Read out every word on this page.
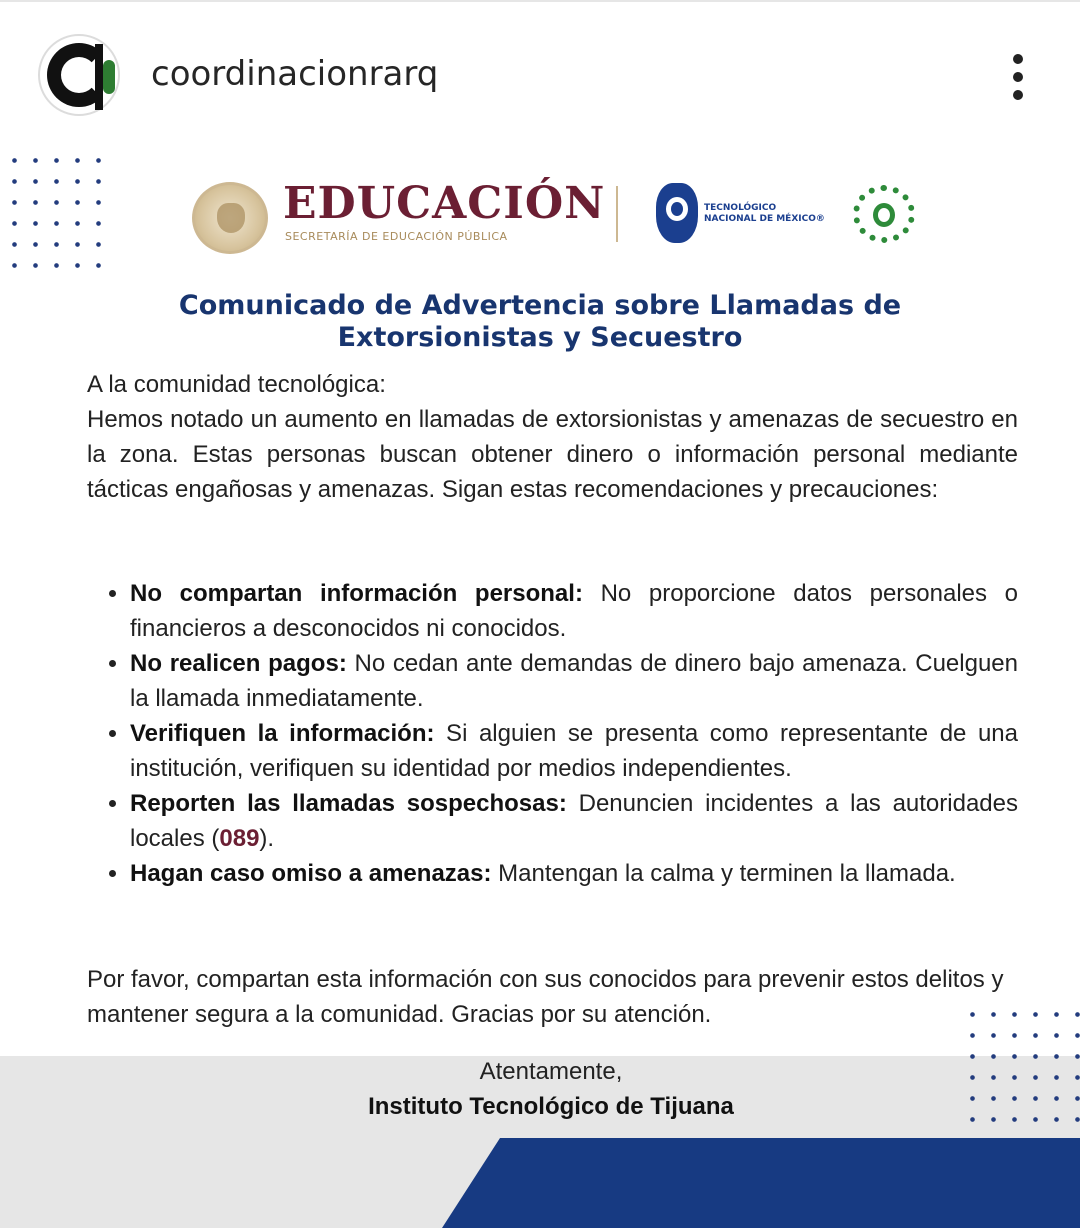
coordinacionrarq
EDUCACIÓN
SECRETARÍA DE EDUCACIÓN PÚBLICA
TECNOLÓGICO
NACIONAL DE MÉXICO®
Comunicado de Advertencia sobre Llamadas de Extorsionistas y Secuestro
A la comunidad tecnológica:
Hemos notado un aumento en llamadas de extorsionistas y amenazas de secuestro en la zona. Estas personas buscan obtener dinero o información personal mediante tácticas engañosas y amenazas. Sigan estas recomendaciones y precauciones:
• No compartan información personal: No proporcione datos personales o financieros a desconocidos ni conocidos.
• No realicen pagos: No cedan ante demandas de dinero bajo amenaza. Cuelguen la llamada inmediatamente.
• Verifiquen la información: Si alguien se presenta como representante de una institución, verifiquen su identidad por medios independientes.
• Reporten las llamadas sospechosas: Denuncien incidentes a las autoridades locales (089).
• Hagan caso omiso a amenazas: Mantengan la calma y terminen la llamada.
Por favor, compartan esta información con sus conocidos para prevenir estos delitos y mantener segura a la comunidad. Gracias por su atención.
Atentamente,
Instituto Tecnológico de Tijuana
